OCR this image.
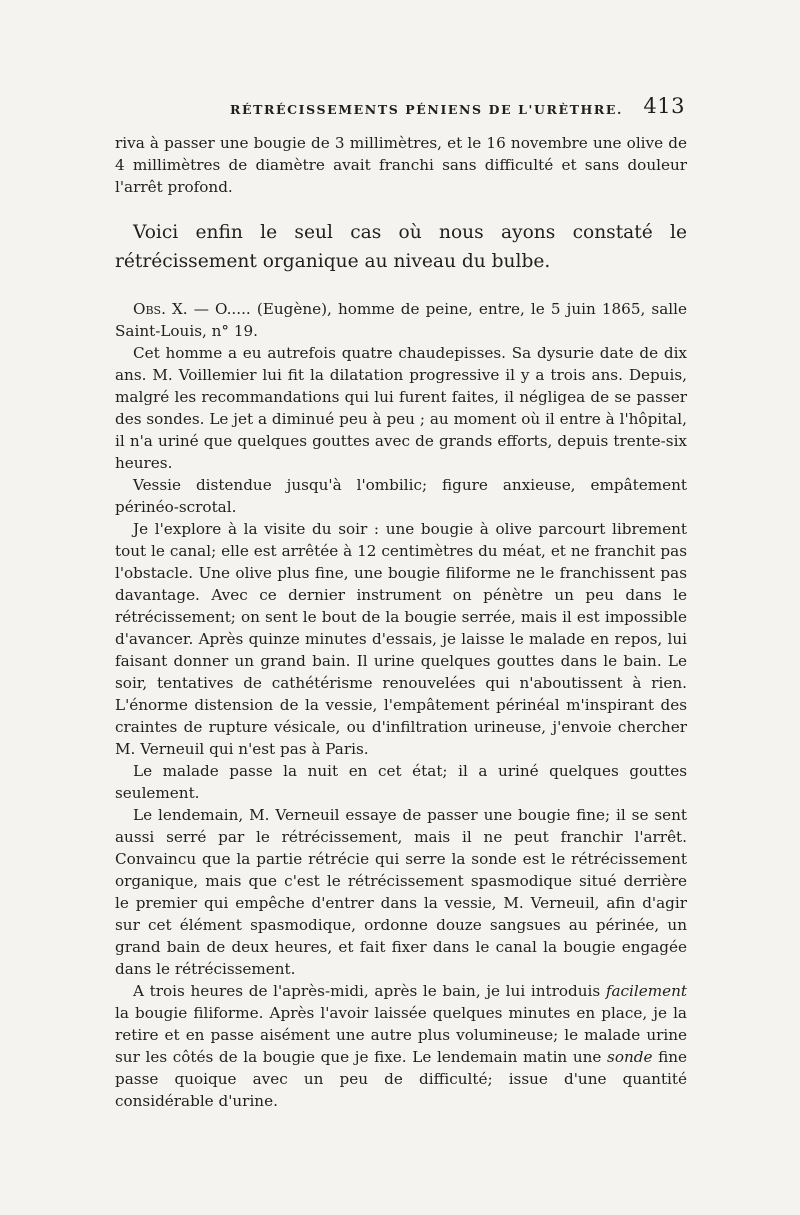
RÉTRÉCISSEMENTS PÉNIENS DE L'URÈTHRE. 413

riva à passer une bougie de 3 millimètres, et le 16 novembre une olive de 4 millimètres de diamètre avait franchi sans difficulté et sans douleur l'arrêt profond.

Voici enfin le seul cas où nous ayons constaté le rétrécissement organique au niveau du bulbe.

Obs. X. — O..... (Eugène), homme de peine, entre, le 5 juin 1865, salle Saint-Louis, n° 19.

Cet homme a eu autrefois quatre chaudepisses. Sa dysurie date de dix ans. M. Voillemier lui fit la dilatation progressive il y a trois ans. Depuis, malgré les recommandations qui lui furent faites, il négligea de se passer des sondes. Le jet a diminué peu à peu ; au moment où il entre à l'hôpital, il n'a uriné que quelques gouttes avec de grands efforts, depuis trente-six heures.

Vessie distendue jusqu'à l'ombilic; figure anxieuse, empâtement périnéo-scrotal.

Je l'explore à la visite du soir : une bougie à olive parcourt librement tout le canal; elle est arrêtée à 12 centimètres du méat, et ne franchit pas l'obstacle. Une olive plus fine, une bougie filiforme ne le franchissent pas davantage. Avec ce dernier instrument on pénètre un peu dans le rétrécissement; on sent le bout de la bougie serrée, mais il est impossible d'avancer. Après quinze minutes d'essais, je laisse le malade en repos, lui faisant donner un grand bain. Il urine quelques gouttes dans le bain. Le soir, tentatives de cathétérisme renouvelées qui n'aboutissent à rien. L'énorme distension de la vessie, l'empâtement périnéal m'inspirant des craintes de rupture vésicale, ou d'infiltration urineuse, j'envoie chercher M. Verneuil qui n'est pas à Paris.

Le malade passe la nuit en cet état; il a uriné quelques gouttes seulement.

Le lendemain, M. Verneuil essaye de passer une bougie fine; il se sent aussi serré par le rétrécissement, mais il ne peut franchir l'arrêt. Convaincu que la partie rétrécie qui serre la sonde est le rétrécissement organique, mais que c'est le rétrécissement spasmodique situé derrière le premier qui empêche d'entrer dans la vessie, M. Verneuil, afin d'agir sur cet élément spasmodique, ordonne douze sangsues au périnée, un grand bain de deux heures, et fait fixer dans le canal la bougie engagée dans le rétrécissement.

A trois heures de l'après-midi, après le bain, je lui introduis facilement la bougie filiforme. Après l'avoir laissée quelques minutes en place, je la retire et en passe aisément une autre plus volumineuse; le malade urine sur les côtés de la bougie que je fixe. Le lendemain matin une sonde fine passe quoique avec un peu de difficulté; issue d'une quantité considérable d'urine.
